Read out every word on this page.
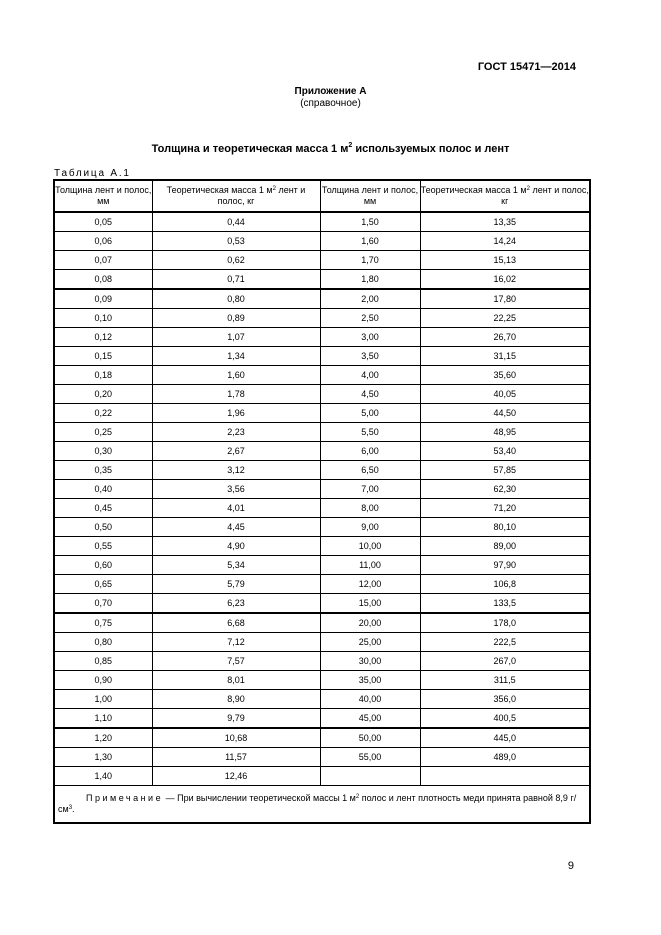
ГОСТ 15471—2014
Приложение А
(справочное)
Толщина и теоретическая масса 1 $м^2$ используемых полос и лент
Таблица А.1
Толщина лент и полос, мм	Теоретическая масса 1 $м^2$ лент и полос, кг	Толщина лент и полос, мм	Теоретическая масса 1 $м^2$ лент и полос, кг
0,05	0,44	1,50	13,35
0,06	0,53	1,60	14,24
0,07	0,62	1,70	15,13
0,08	0,71	1,80	16,02
0,09	0,80	2,00	17,80
0,10	0,89	2,50	22,25
0,12	1,07	3,00	26,70
0,15	1,34	3,50	31,15
0,18	1,60	4,00	35,60
0,20	1,78	4,50	40,05
0,22	1,96	5,00	44,50
0,25	2,23	5,50	48,95
0,30	2,67	6,00	53,40
0,35	3,12	6,50	57,85
0,40	3,56	7,00	62,30
0,45	4,01	8,00	71,20
0,50	4,45	9,00	80,10
0,55	4,90	10,00	89,00
0,60	5,34	11,00	97,90
0,65	5,79	12,00	106,8
0,70	6,23	15,00	133,5
0,75	6,68	20,00	178,0
0,80	7,12	25,00	222,5
0,85	7,57	30,00	267,0
0,90	8,01	35,00	311,5
1,00	8,90	40,00	356,0
1,10	9,79	45,00	400,5
1,20	10,68	50,00	445,0
1,30	11,57	55,00	489,0
1,40	12,46		
Примечание — При вычислении теоретической массы 1 $м^2$ полос и лент плотность меди принята равной 8,9 $г/см^3$.			
9
